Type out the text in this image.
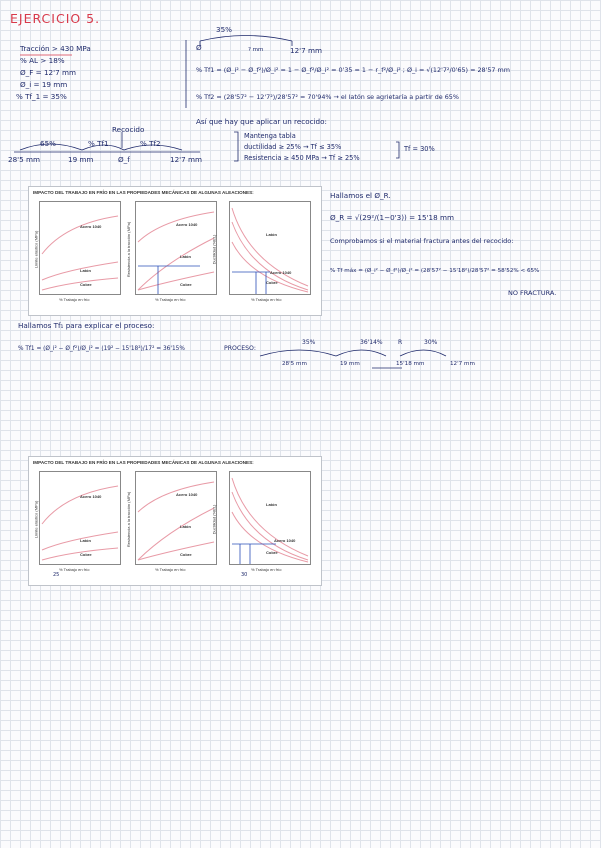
EJERCICIO 5.
Tracción > 430 MPa
% AL > 18%
Ø_F = 12'7 mm
Ø_i = 19 mm
% Tf_1 = 35%
35%
Ø	? mm	12'7 mm
% Tf1 = (Ø_i² − Ø_f²)/Ø_i² = 1 − Ø_f²/Ø_i² = 0'35 = 1 − r_f²/Ø_i² ; Ø_i = √(12'7²/0'65) = 28'57 mm
% Tf2 = (28'57² − 12'7²)/28'57² = 70'94% → el latón se agrietaría a partir de 65%
Así que hay que aplicar un recocido:
Mantenga tabla
ductilidad ≥ 25% → Tf ≤ 35%
Resistencia ≥ 450 MPa → Tf ≥ 25%
Tf = 30%
65%	% Tf1
Recocido
% Tf2
28'5 mm	19 mm	Ø_f	12'7 mm
IMPACTO DEL TRABAJO EN FRÍO EN LAS PROPIEDADES MECÁNICAS DE ALGUNAS ALEACIONES:
Acero 1040
Latón
Cobre
Límite elástico (MPa)
% Trabajo en frío
Acero 1040
Latón
Cobre
Resistencia a la tracción (MPa)
% Trabajo en frío
Latón
Acero 1040
Cobre
Ductilidad (%EL)
% Trabajo en frío
Hallamos el Ø_R.
Ø_R = √(29²/(1−0'3)) = 15'18 mm
Comprobamos si el material fractura antes del recocido:
% Tf máx = (Ø_i² − Ø_f²)/Ø_i² = (28'57² − 15'18²)/28'57² = 58'52% < 65%
NO FRACTURA.
Hallamos Tf₁ para explicar el proceso:
% Tf1 = (Ø_i² − Ø_f²)/Ø_i² = (19² − 15'18²)/17² = 36'15%	PROCESO:
35%	36'14%	R	30%
28'5 mm	19 mm	15'18 mm	12'7 mm
IMPACTO DEL TRABAJO EN FRÍO EN LAS PROPIEDADES MECÁNICAS DE ALGUNAS ALEACIONES:
Acero 1040
Latón
Cobre
Límite elástico (MPa)
% Trabajo en frío
Acero 1040
Latón
Cobre
Resistencia a la tracción (MPa)
% Trabajo en frío
Latón
Acero 1040
Cobre
Ductilidad (%EL)
% Trabajo en frío
25	30
